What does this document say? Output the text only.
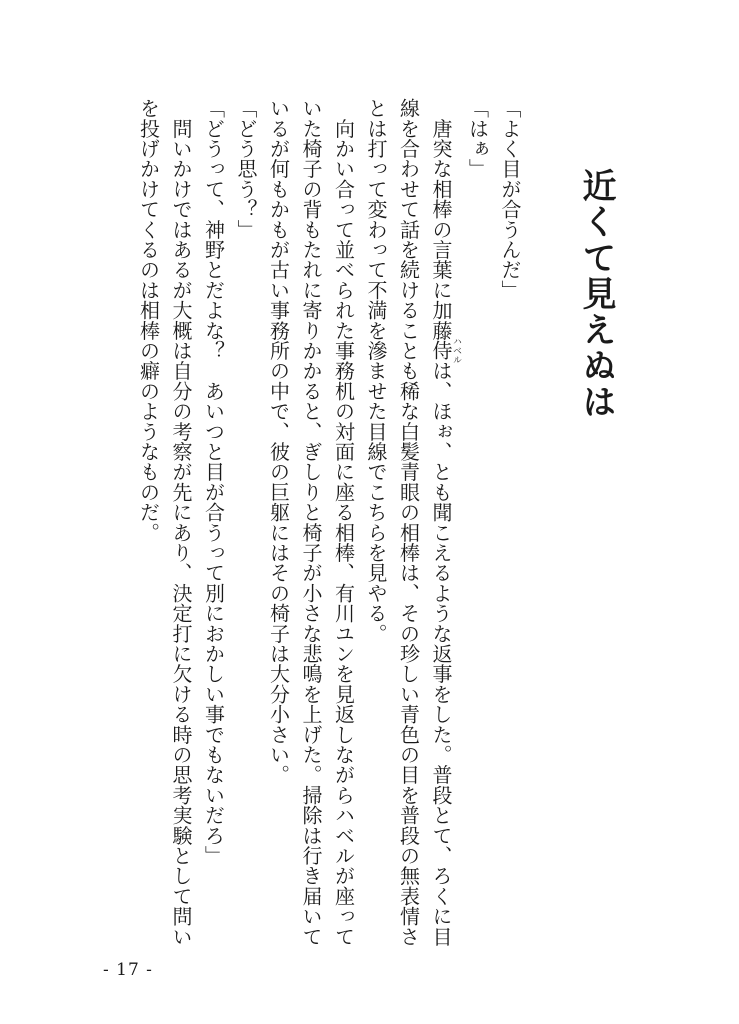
近くて見えぬは

「よく目が合うんだ」

「はぁ」

　唐突な相棒の言葉に加藤侍ハベルは、ほぉ、とも聞こえるような返事をした。普段とて、ろくに目線を合わせて話を続けることも稀な白髪青眼の相棒は、その珍しい青色の目を普段の無表情さとは打って変わって不満を滲ませた目線でこちらを見やる。

　向かい合って並べられた事務机の対面に座る相棒、有川ユンを見返しながらハベルが座っていた椅子の背もたれに寄りかかると、ぎしりと椅子が小さな悲鳴を上げた。掃除は行き届いているが何もかもが古い事務所の中で、彼の巨躯にはその椅子は大分小さい。

「どう思う？」

「どうって、神野とだよな？　あいつと目が合うって別におかしい事でもないだろ」

　問いかけではあるが大概は自分の考察が先にあり、決定打に欠ける時の思考実験として問いを投げかけてくるのは相棒の癖のようなものだ。

- 17 -
